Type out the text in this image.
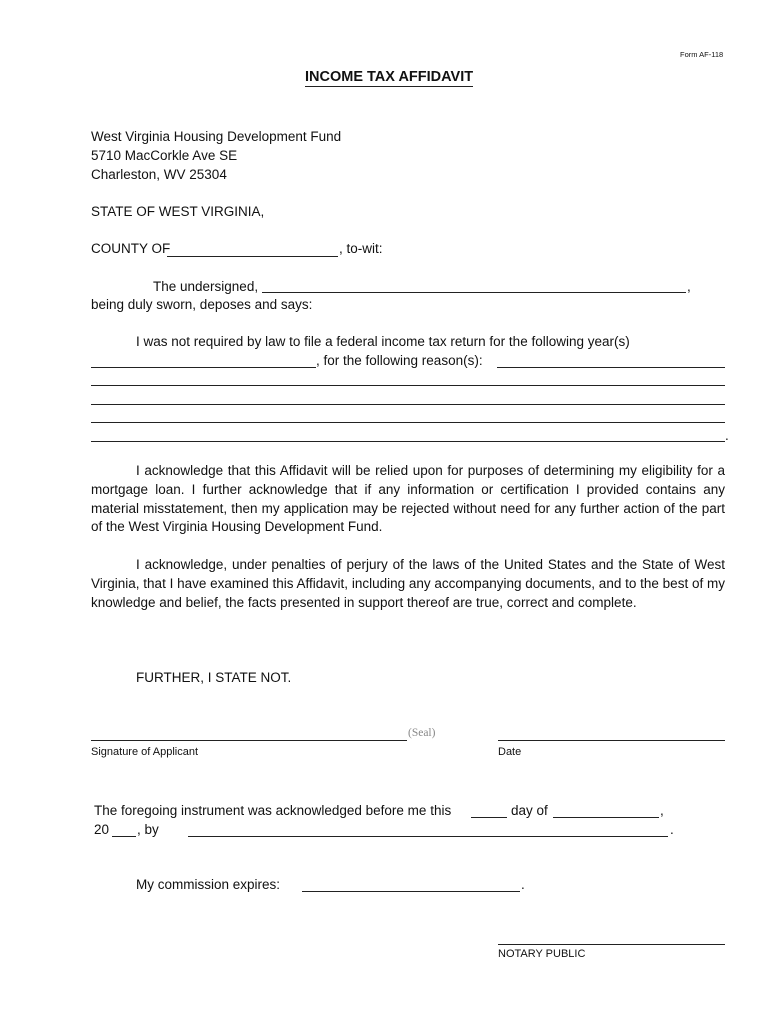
Form AF-118
INCOME TAX AFFIDAVIT
West Virginia Housing Development Fund
5710 MacCorkle Ave SE
Charleston, WV 25304
STATE OF WEST VIRGINIA,
COUNTY OF	, to-wit:
The undersigned,	,
being duly sworn, deposes and says:
I was not required by law to file a federal income tax return for the following year(s)
, for the following reason(s):
.

I acknowledge that this Affidavit will be relied upon for purposes of determining my eligibility for a mortgage loan. I further acknowledge that if any information or certification I provided contains any material misstatement, then my application may be rejected without need for any further action of the part of the West Virginia Housing Development Fund.

I acknowledge, under penalties of perjury of the laws of the United States and the State of West Virginia, that I have examined this Affidavit, including any accompanying documents, and to the best of my knowledge and belief, the facts presented in support thereof are true, correct and complete.

FURTHER, I STATE NOT.
(Seal)
Signature of Applicant	Date
The foregoing instrument was acknowledged before me this	day of	,
20 , by	.
My commission expires:	.
NOTARY PUBLIC
